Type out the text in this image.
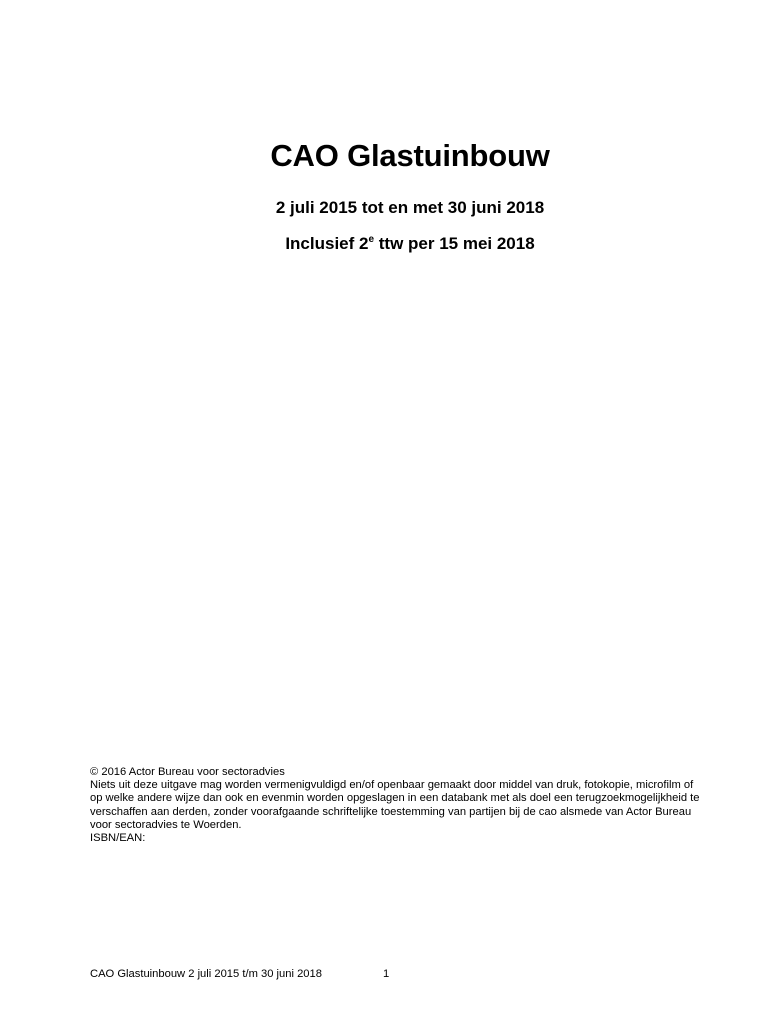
CAO Glastuinbouw
2 juli 2015 tot en met 30 juni 2018
Inclusief 2e ttw per 15 mei 2018
© 2016 Actor Bureau voor sectoradvies
Niets uit deze uitgave mag worden vermenigvuldigd en/of openbaar gemaakt door middel van druk, fotokopie, microfilm of
op welke andere wijze dan ook en evenmin worden opgeslagen in een databank met als doel een terugzoekmogelijkheid te
verschaffen aan derden, zonder voorafgaande schriftelijke toestemming van partijen bij de cao alsmede van Actor Bureau
voor sectoradvies te Woerden.
ISBN/EAN:
CAO Glastuinbouw 2 juli 2015 t/m 30 juni 2018	1
